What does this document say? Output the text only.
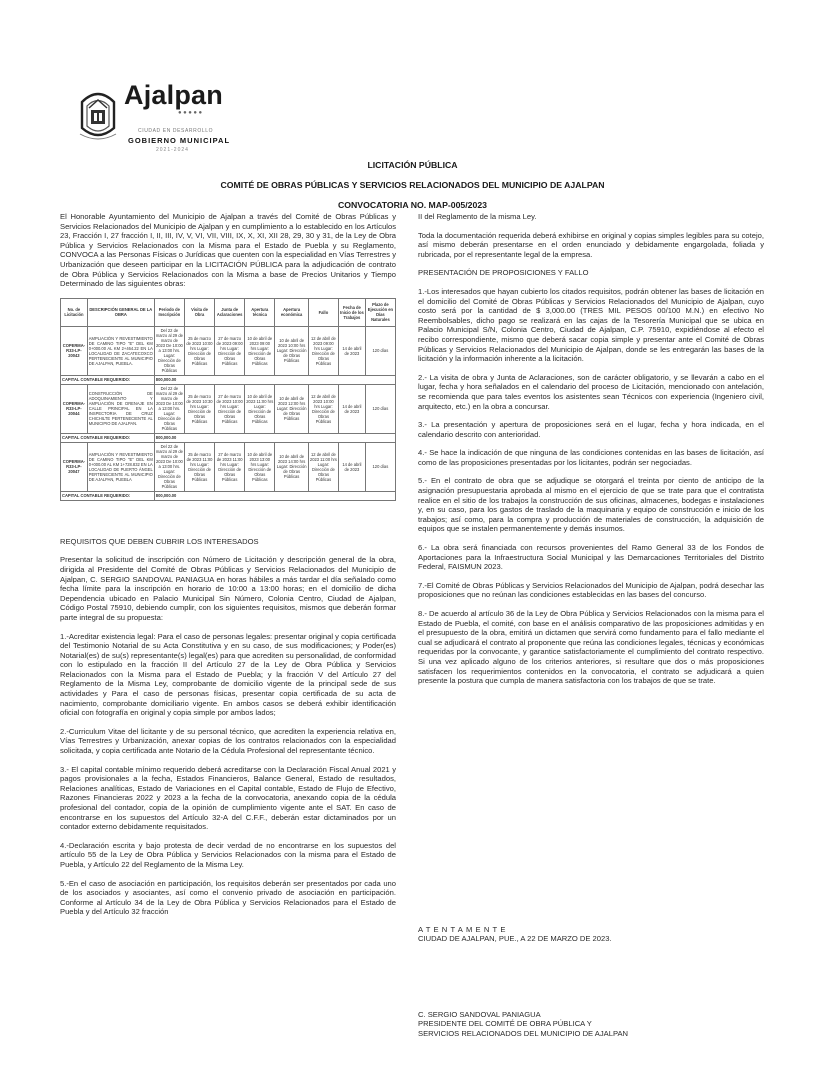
Ajalpan
●●●●●
CIUDAD EN DESARROLLO
GOBIERNO MUNICIPAL
2021-2024
LICITACIÓN PÚBLICA
COMITÉ DE OBRAS PÚBLICAS Y SERVICIOS RELACIONADOS DEL MUNICIPIO DE AJALPAN
CONVOCATORIA NO. MAP-005/2023

El Honorable Ayuntamiento del Municipio de Ajalpan a través del Comité de Obras Públicas y Servicios Relacionados del Municipio de Ajalpan y en cumplimiento a lo establecido en los Artículos 23, Fracción I, 27 fracción I, II, III, IV, V, VI, VII, VIII, IX, X, XI, XII 28, 29, 30 y 31, de la Ley de Obra Pública y Servicios Relacionados con la Misma para el Estado de Puebla y su Reglamento, CONVOCA a las Personas Físicas o Jurídicas que cuenten con la especialidad en Vías Terrestres y Urbanización que deseen participar en la LICITACIÓN PÚBLICA para la adjudicación de contrato de Obra Pública y Servicios Relacionados con la Misma a base de Precios Unitarios y Tiempo Determinado de las siguientes obras:

No. de Licitación	DESCRIPCIÓN GENERAL DE LA OBRA	Periodo de Inscripción	Visita de Obra	Junta de Aclaraciones	Apertura técnica	Apertura económica	Fallo	Fecha de Inicio de los Trabajos	Plazo de Ejecución en Días Naturales
COPERMA-R33-LP-20043	AMPLIACIÓN Y REVESTIMIENTO DE CAMINO TIPO "E" DEL KM 0+000.00 AL KM 2+464.22 EN LA LOCALIDAD DE ZACATECOXCO PERTENECIENTE AL MUNICIPIO DE AJALPAN, PUEBLA.	Del 22 de marzo al 29 de marzo de 2023 De 10:00 a 13:00 hrs. Lugar: Dirección de Obras Públicas	25 de marzo de 2023 10:00 hrs Lugar: Dirección de Obras Públicas	27 de marzo de 2023 09:00 hrs Lugar: Dirección de Obras Públicas	10 de abril de 2023 09:00 hrs Lugar: Dirección de Obras Públicas	10 de abril de 2023 10:00 hrs Lugar: Dirección de Obras Públicas	12 de abril de 2023 09:00 hrs Lugar: Dirección de Obras Públicas	14 de abril de 2023	120 días
CAPITAL CONTABLE REQUERIDO:		800,000.00							
COPERMA-R33-LP-20044	CONSTRUCCIÓN DE ADOQUINAMIENTO Y AMPLIACIÓN DE DRENAJE EN CALLE PRINCIPAL EN LA INSPECTORIA DE CRUZ CHICHILTE PERTENECIENTE AL MUNICIPIO DE AJALPAN.	Del 22 de marzo al 29 de marzo de 2023 De 10:00 a 13:00 hrs. Lugar: Dirección de Obras Públicas	25 de marzo de 2023 10:30 hrs Lugar: Dirección de Obras Públicas	27 de marzo de 2023 10:00 hrs Lugar: Dirección de Obras Públicas	10 de abril de 2023 11:00 hrs Lugar: Dirección de Obras Públicas	10 de abril de 2023 12:00 hrs Lugar: Dirección de Obras Públicas	12 de abril de 2023 10:00 hrs Lugar: Dirección de Obras Públicas	14 de abril de 2023	120 días
CAPITAL CONTABLE REQUERIDO:		800,000.00							
COPERMA-R33-LP-20047	AMPLIACIÓN Y REVESTIMIENTO DE CAMINO TIPO "E" DEL KM 0+000.00 AL KM 1+728.832 EN LA LOCALIDAD DE PUERTO ÁNGEL PERTENECIENTE AL MUNICIPIO DE AJALPAN, PUEBLA	Del 22 de marzo al 29 de marzo de 2023 De 10:00 a 13:00 hrs. Lugar: Dirección de Obras Públicas	25 de marzo de 2023 11:00 hrs Lugar: Dirección de Obras Públicas	27 de marzo de 2023 11:00 hrs Lugar: Dirección de Obras Públicas	10 de abril de 2023 13:00 hrs Lugar: Dirección de Obras Públicas	10 de abril de 2023 14:00 hrs Lugar: Dirección de Obras Públicas	12 de abril de 2023 11:00 hrs Lugar: Dirección de Obras Públicas	14 de abril de 2023	120 días
CAPITAL CONTABLE REQUERIDO:		800,000.00							

REQUISITOS QUE DEBEN CUBRIR LOS INTERESADOS

Presentar la solicitud de inscripción con Número de Licitación y descripción general de la obra, dirigida al Presidente del Comité de Obras Públicas y Servicios Relacionados del Municipio de Ajalpan, C. SERGIO SANDOVAL PANIAGUA en horas hábiles a más tardar el día señalado como fecha límite para la inscripción en horario de 10:00 a 13:00 horas; en el domicilio de dicha Dependencia ubicado en Palacio Municipal Sin Número, Colonia Centro, Ciudad de Ajalpan, Código Postal 75910, debiendo cumplir, con los siguientes requisitos, mismos que deberán formar parte integral de su propuesta:

1.-Acreditar existencia legal: Para el caso de personas legales: presentar original y copia certificada del Testimonio Notarial de su Acta Constitutiva y en su caso, de sus modificaciones; y Poder(es) Notarial(es) de su(s) representante(s) legal(es) para que acrediten su personalidad, de conformidad con lo estipulado en la fracción II del Artículo 27 de la Ley de Obra Pública y Servicios Relacionados con la Misma para el Estado de Puebla; y la fracción V del Artículo 27 del Reglamento de la Misma Ley, comprobante de domicilio vigente de la principal sede de sus actividades y Para el caso de personas físicas, presentar copia certificada de su acta de nacimiento, comprobante domiciliario vigente. En ambos casos se deberá exhibir identificación oficial con fotografía en original y copia simple por ambos lados;

2.-Curriculum Vitae del licitante y de su personal técnico, que acrediten la experiencia relativa en, Vías Terrestres y Urbanización, anexar copias de los contratos relacionados con la especialidad solicitada, y copia certificada ante Notario de la Cédula Profesional del representante técnico.

3.- El capital contable mínimo requerido deberá acreditarse con la Declaración Fiscal Anual 2021 y pagos provisionales a la fecha, Estados Financieros, Balance General, Estado de resultados, Relaciones analíticas, Estado de Variaciones en el Capital contable, Estado de Flujo de Efectivo, Razones Financieras 2022 y 2023 a la fecha de la convocatoria, anexando copia de la cédula profesional del contador, copia de la opinión de cumplimiento vigente ante el SAT. En caso de encontrarse en los supuestos del Artículo 32-A del C.F.F., deberán estar dictaminados por un contador externo debidamente requisitados.

4.-Declaración escrita y bajo protesta de decir verdad de no encontrarse en los supuestos del artículo 55 de la Ley de Obra Pública y Servicios Relacionados con la misma para el Estado de Puebla, y Artículo 22 del Reglamento de la Misma Ley.

5.-En el caso de asociación en participación, los requisitos deberán ser presentados por cada uno de los asociados y asociantes, así como el convenio privado de asociación en participación. Conforme al Artículo 34 de la Ley de Obra Pública y Servicios Relacionados para el Estado de Puebla y del Artículo 32 fracción

II del Reglamento de la misma Ley.

Toda la documentación requerida deberá exhibirse en original y copias simples legibles para su cotejo, así mismo deberán presentarse en el orden enunciado y debidamente engargolada, foliada y rubricada, por el representante legal de la empresa.

PRESENTACIÓN DE PROPOSICIONES Y FALLO

1.-Los interesados que hayan cubierto los citados requisitos, podrán obtener las bases de licitación en el domicilio del Comité de Obras Públicas y Servicios Relacionados del Municipio de Ajalpan, cuyo costo será por la cantidad de $ 3,000.00 (TRES MIL PESOS 00/100 M.N.) en efectivo No Reembolsables, dicho pago se realizará en las cajas de la Tesorería Municipal que se ubica en Palacio Municipal S/N, Colonia Centro, Ciudad de Ajalpan, C.P. 75910, expidiéndose al efecto el recibo correspondiente, mismo que deberá sacar copia simple y presentar ante el Comité de Obras Públicas y Servicios Relacionados del Municipio de Ajalpan, donde se les entregarán las bases de la licitación y la información inherente a la licitación.

2.- La visita de obra y Junta de Aclaraciones, son de carácter obligatorio, y se llevarán a cabo en el lugar, fecha y hora señalados en el calendario del proceso de Licitación, mencionado con antelación, se recomienda que para tales eventos los asistentes sean Técnicos con experiencia (Ingeniero civil, arquitecto, etc.) en la obra a concursar.

3.- La presentación y apertura de proposiciones será en el lugar, fecha y hora indicada, en el calendario descrito con anterioridad.

4.- Se hace la indicación de que ninguna de las condiciones contenidas en las bases de licitación, así como de las proposiciones presentadas por los licitantes, podrán ser negociadas.

5.- En el contrato de obra que se adjudique se otorgará el treinta por ciento de anticipo de la asignación presupuestaria aprobada al mismo en el ejercicio de que se trate para que el contratista realice en el sitio de los trabajos la construcción de sus oficinas, almacenes, bodegas e instalaciones y, en su caso, para los gastos de traslado de la maquinaria y equipo de construcción e inicio de los trabajos; así como, para la compra y producción de materiales de construcción, la adquisición de equipos que se instalen permanentemente y demás insumos.

6.- La obra será financiada con recursos provenientes del Ramo General 33 de los Fondos de Aportaciones para la Infraestructura Social Municipal y las Demarcaciones Territoriales del Distrito Federal, FAISMUN 2023.

7.-El Comité de Obras Públicas y Servicios Relacionados del Municipio de Ajalpan, podrá desechar las proposiciones que no reúnan las condiciones establecidas en las bases del concurso.

8.- De acuerdo al artículo 36 de la Ley de Obra Pública y Servicios Relacionados con la misma para el Estado de Puebla, el comité, con base en el análisis comparativo de las proposiciones admitidas y en el presupuesto de la obra, emitirá un dictamen que servirá como fundamento para el fallo mediante el cual se adjudicará el contrato al proponente que reúna las condiciones legales, técnicas y económicas requeridas por la convocante, y garantice satisfactoriamente el cumplimiento del contrato respectivo. Si una vez aplicado alguno de los criterios anteriores, si resultare que dos o más proposiciones satisfacen los requerimientos contenidos en la convocatoria, el contrato se adjudicará a quien presente la postura que cumpla de manera satisfactoria con los trabajos de que se trate.

ATENTAMENTE
CIUDAD DE AJALPAN, PUE., A 22 DE MARZO DE 2023.
C. SERGIO SANDOVAL PANIAGUA
PRESIDENTE DEL COMITÉ DE OBRA PÚBLICA Y
SERVICIOS RELACIONADOS DEL MUNICIPIO DE AJALPAN
